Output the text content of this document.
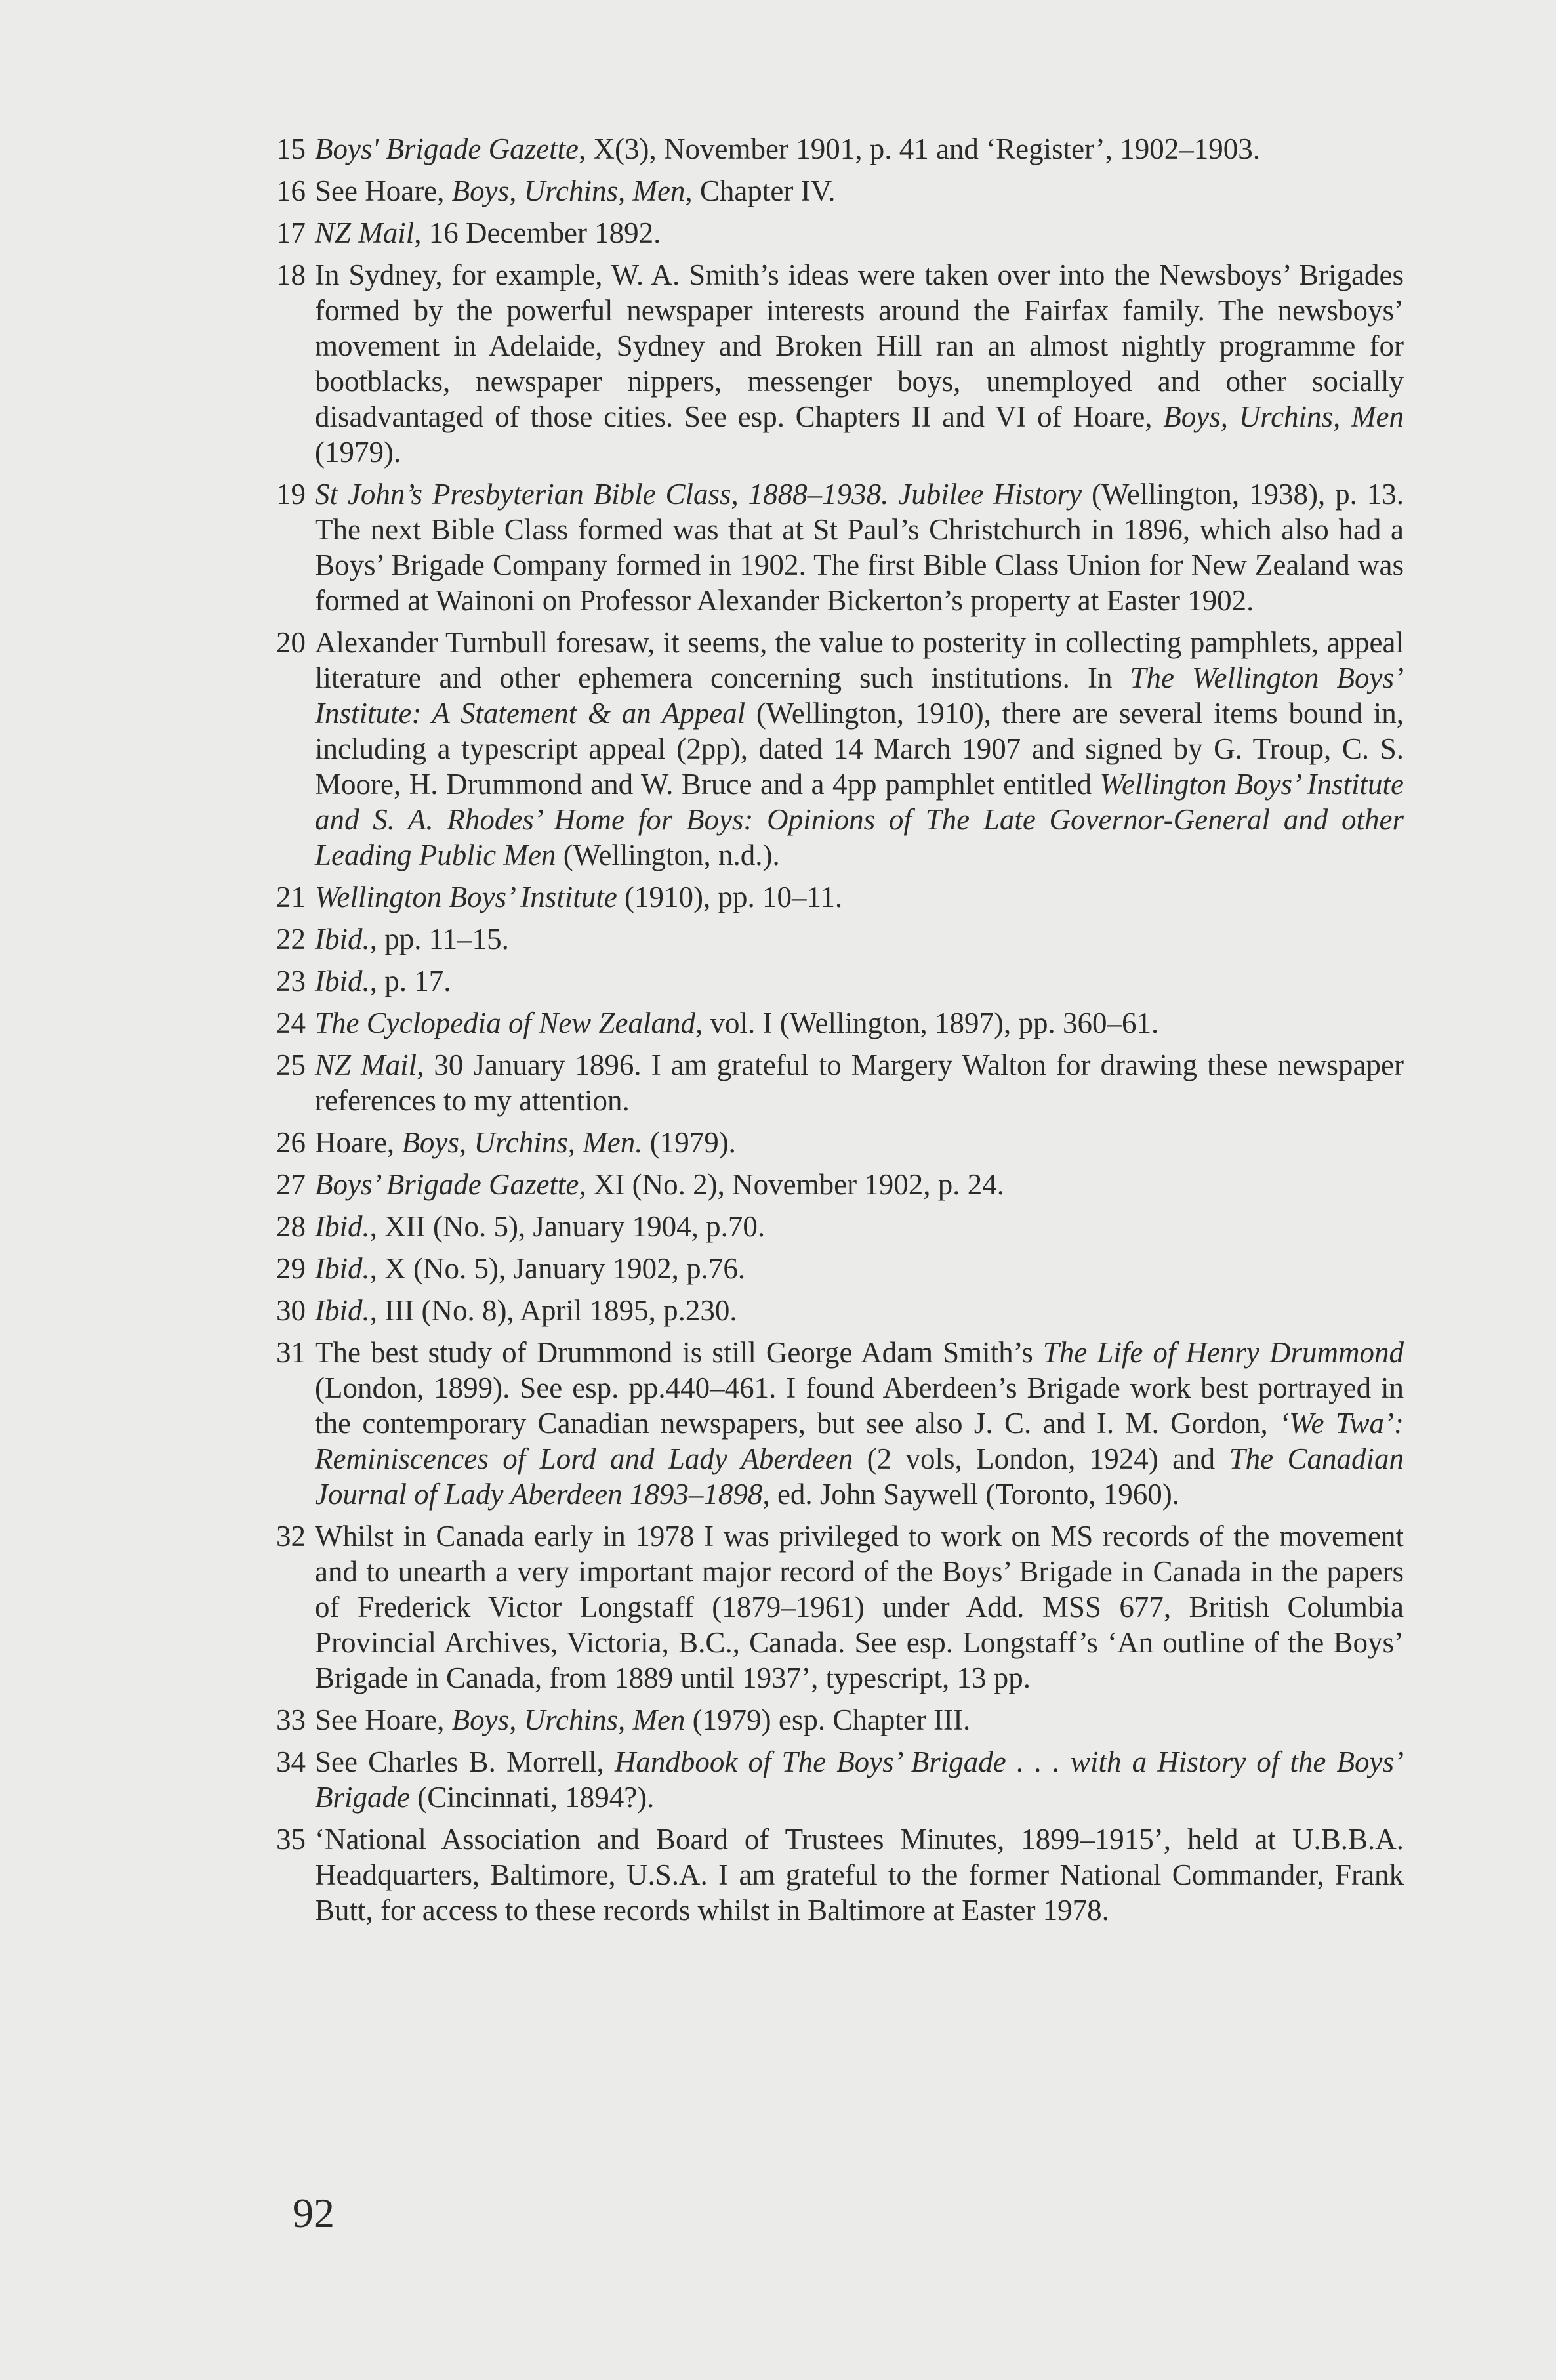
15 Boys' Brigade Gazette, X(3), November 1901, p. 41 and ‘Register’, 1902–1903.
16 See Hoare, Boys, Urchins, Men, Chapter IV.
17 NZ Mail, 16 December 1892.
18 In Sydney, for example, W. A. Smith’s ideas were taken over into the Newsboys’ Brigades formed by the powerful newspaper interests around the Fairfax family. The newsboys’ movement in Adelaide, Sydney and Broken Hill ran an almost nightly programme for bootblacks, newspaper nippers, messenger boys, unemployed and other socially disadvantaged of those cities. See esp. Chapters II and VI of Hoare, Boys, Urchins, Men (1979).
19 St John’s Presbyterian Bible Class, 1888–1938. Jubilee History (Wellington, 1938), p. 13. The next Bible Class formed was that at St Paul’s Christchurch in 1896, which also had a Boys’ Brigade Company formed in 1902. The first Bible Class Union for New Zealand was formed at Wainoni on Professor Alexander Bickerton’s property at Easter 1902.
20 Alexander Turnbull foresaw, it seems, the value to posterity in collecting pamphlets, appeal literature and other ephemera concerning such institutions. In The Wellington Boys’ Institute: A Statement & an Appeal (Wellington, 1910), there are several items bound in, including a typescript appeal (2pp), dated 14 March 1907 and signed by G. Troup, C. S. Moore, H. Drummond and W. Bruce and a 4pp pamphlet entitled Wellington Boys’ Institute and S. A. Rhodes’ Home for Boys: Opinions of The Late Governor-General and other Leading Public Men (Wellington, n.d.).
21 Wellington Boys’ Institute (1910), pp. 10–11.
22 Ibid., pp. 11–15.
23 Ibid., p. 17.
24 The Cyclopedia of New Zealand, vol. I (Wellington, 1897), pp. 360–61.
25 NZ Mail, 30 January 1896. I am grateful to Margery Walton for drawing these newspaper references to my attention.
26 Hoare, Boys, Urchins, Men. (1979).
27 Boys’ Brigade Gazette, XI (No. 2), November 1902, p. 24.
28 Ibid., XII (No. 5), January 1904, p.70.
29 Ibid., X (No. 5), January 1902, p.76.
30 Ibid., III (No. 8), April 1895, p.230.
31 The best study of Drummond is still George Adam Smith’s The Life of Henry Drummond (London, 1899). See esp. pp.440–461. I found Aberdeen’s Brigade work best portrayed in the contemporary Canadian newspapers, but see also J. C. and I. M. Gordon, ‘We Twa’: Reminiscences of Lord and Lady Aberdeen (2 vols, London, 1924) and The Canadian Journal of Lady Aberdeen 1893–1898, ed. John Saywell (Toronto, 1960).
32 Whilst in Canada early in 1978 I was privileged to work on MS records of the movement and to unearth a very important major record of the Boys’ Brigade in Canada in the papers of Frederick Victor Longstaff (1879–1961) under Add. MSS 677, British Columbia Provincial Archives, Victoria, B.C., Canada. See esp. Longstaff’s ‘An outline of the Boys’ Brigade in Canada, from 1889 until 1937’, typescript, 13 pp.
33 See Hoare, Boys, Urchins, Men (1979) esp. Chapter III.
34 See Charles B. Morrell, Handbook of The Boys’ Brigade . . . with a History of the Boys’ Brigade (Cincinnati, 1894?).
35 ‘National Association and Board of Trustees Minutes, 1899–1915’, held at U.B.B.A. Headquarters, Baltimore, U.S.A. I am grateful to the former National Commander, Frank Butt, for access to these records whilst in Baltimore at Easter 1978.
92
